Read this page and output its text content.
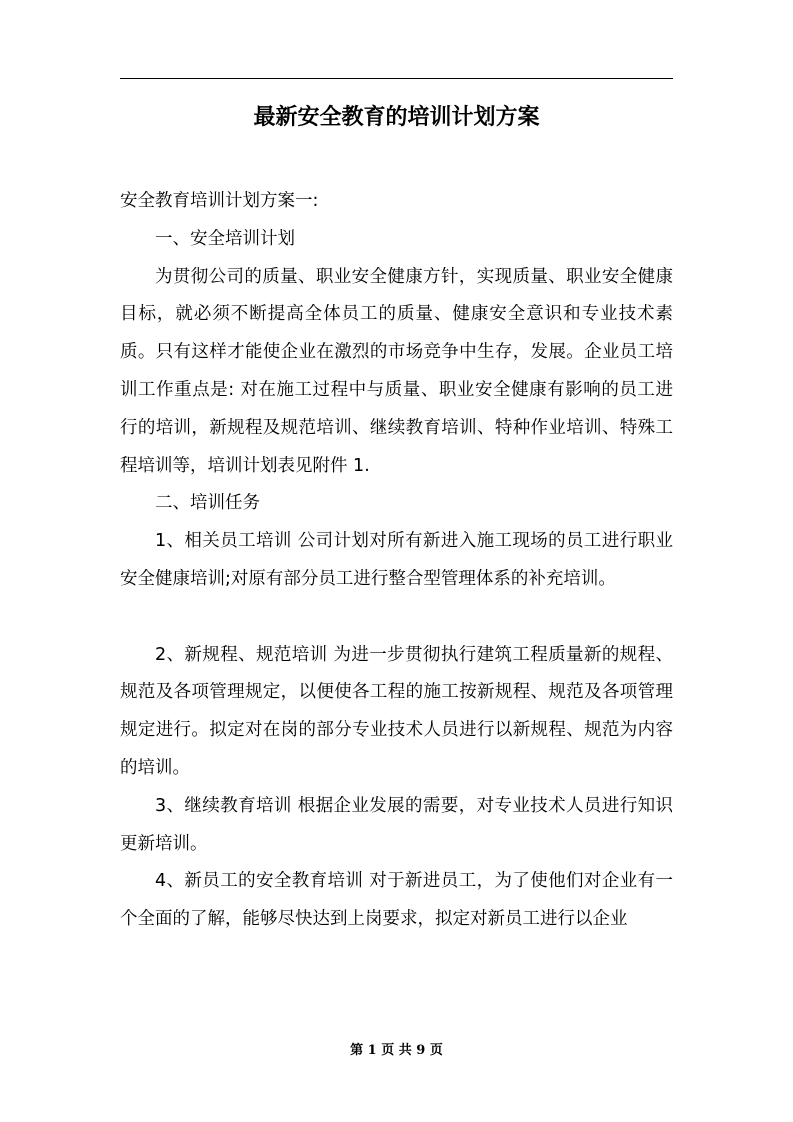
最新安全教育的培训计划方案

安全教育培训计划方案一:

一、安全培训计划

为贯彻公司的质量、职业安全健康方针，实现质量、职业安全健康目标，就必须不断提高全体员工的质量、健康安全意识和专业技术素质。只有这样才能使企业在激烈的市场竞争中生存，发展。企业员工培训工作重点是: 对在施工过程中与质量、职业安全健康有影响的员工进行的培训，新规程及规范培训、继续教育培训、特种作业培训、特殊工程培训等，培训计划表见附件 1.

二、培训任务

1、相关员工培训 公司计划对所有新进入施工现场的员工进行职业安全健康培训;对原有部分员工进行整合型管理体系的补充培训。

2、新规程、规范培训 为进一步贯彻执行建筑工程质量新的规程、规范及各项管理规定，以便使各工程的施工按新规程、规范及各项管理规定进行。拟定对在岗的部分专业技术人员进行以新规程、规范为内容的培训。

3、继续教育培训 根据企业发展的需要，对专业技术人员进行知识更新培训。

4、新员工的安全教育培训 对于新进员工，为了使他们对企业有一个全面的了解，能够尽快达到上岗要求，拟定对新员工进行以企业

第 1 页 共 9 页
